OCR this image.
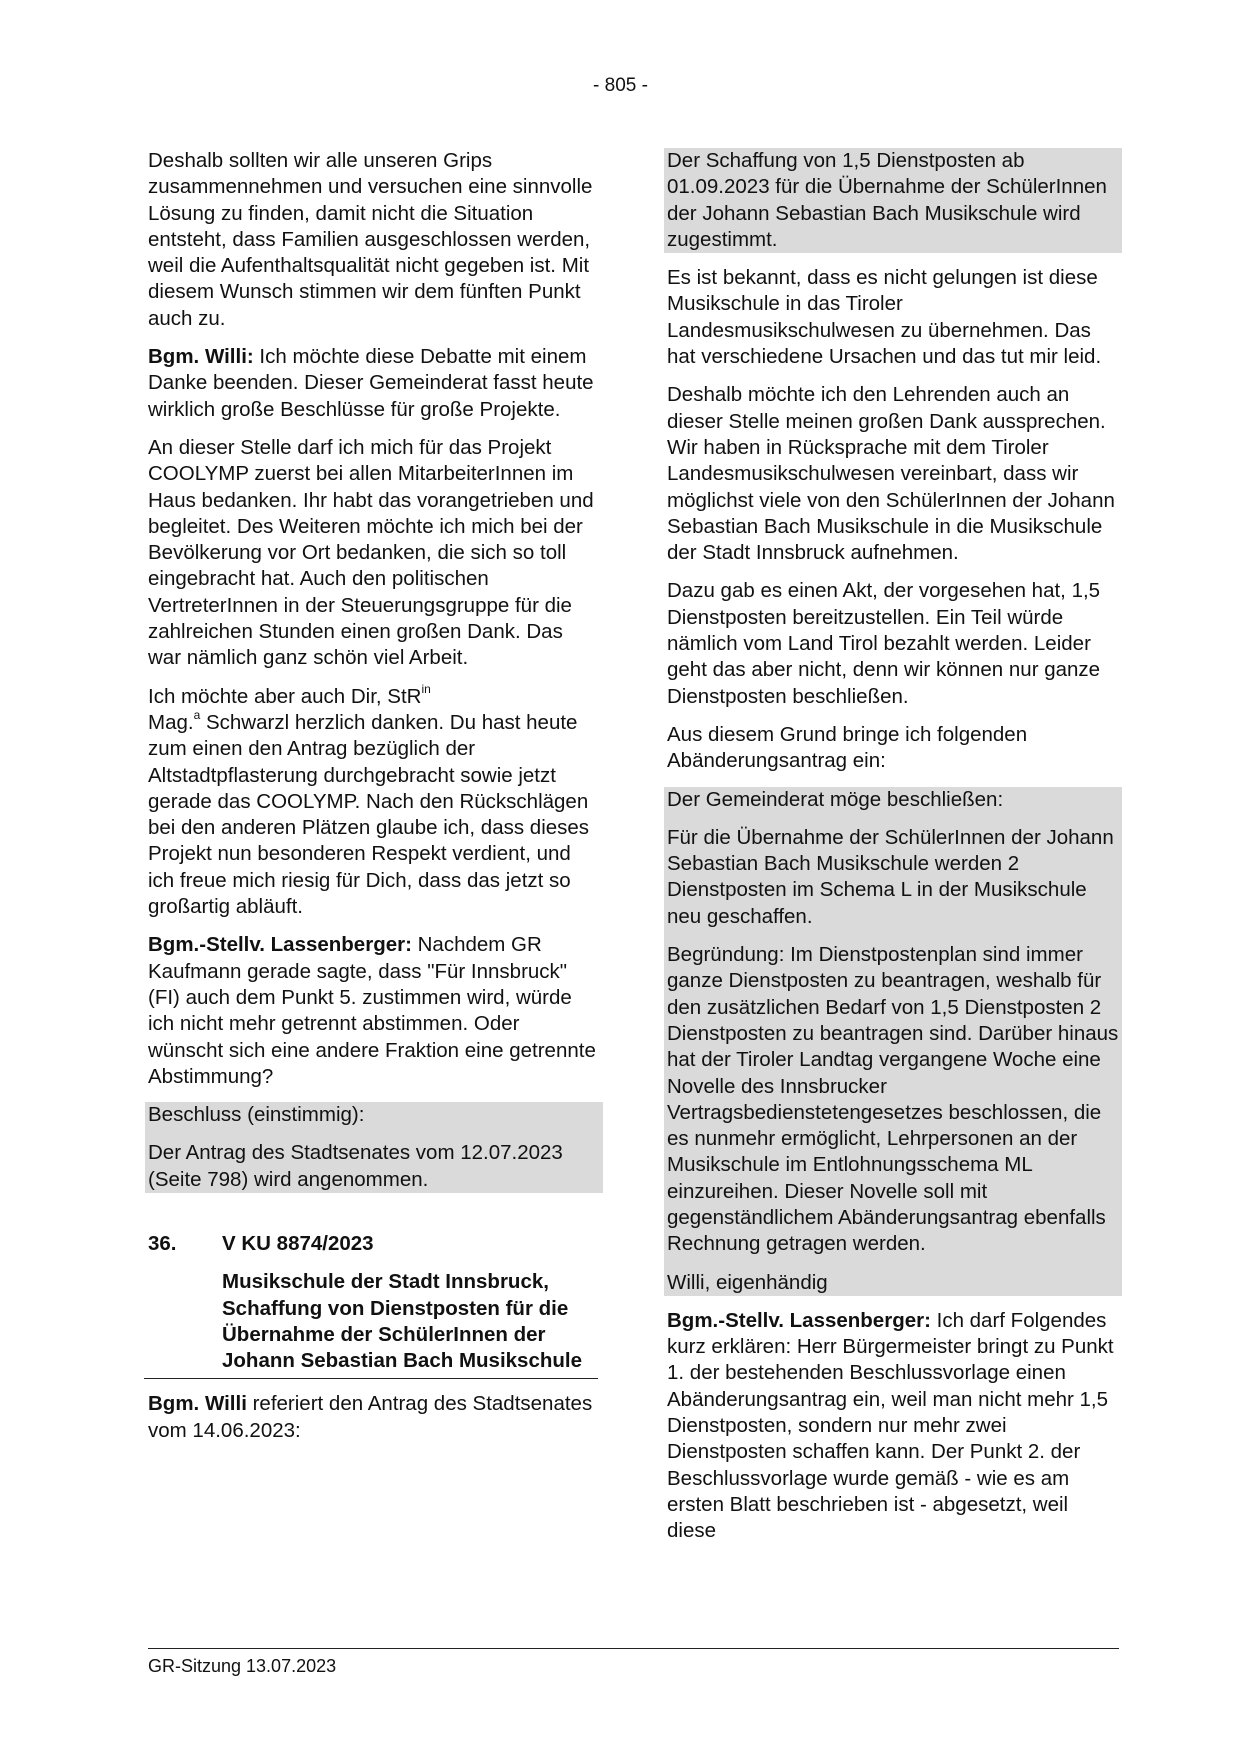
- 805 -

Deshalb sollten wir alle unseren Grips zusammennehmen und versuchen eine sinnvolle Lösung zu finden, damit nicht die Situation entsteht, dass Familien ausgeschlossen werden, weil die Aufenthaltsqualität nicht gegeben ist. Mit diesem Wunsch stimmen wir dem fünften Punkt auch zu.

Bgm. Willi: Ich möchte diese Debatte mit einem Danke beenden. Dieser Gemeinderat fasst heute wirklich große Beschlüsse für große Projekte.

An dieser Stelle darf ich mich für das Projekt COOLYMP zuerst bei allen MitarbeiterInnen im Haus bedanken. Ihr habt das vorangetrieben und begleitet. Des Weiteren möchte ich mich bei der Bevölkerung vor Ort bedanken, die sich so toll eingebracht hat. Auch den politischen VertreterInnen in der Steuerungsgruppe für die zahlreichen Stunden einen großen Dank. Das war nämlich ganz schön viel Arbeit.

Ich möchte aber auch Dir, StR$^{in}$
Mag.$^a$ Schwarzl herzlich danken. Du hast heute zum einen den Antrag bezüglich der Altstadtpflasterung durchgebracht sowie jetzt gerade das COOLYMP. Nach den Rückschlägen bei den anderen Plätzen glaube ich, dass dieses Projekt nun besonderen Respekt verdient, und ich freue mich riesig für Dich, dass das jetzt so großartig abläuft.

Bgm.-Stellv. Lassenberger: Nachdem GR Kaufmann gerade sagte, dass "Für Innsbruck" (FI) auch dem Punkt 5. zustimmen wird, würde ich nicht mehr getrennt abstimmen. Oder wünscht sich eine andere Fraktion eine getrennte Abstimmung?

Beschluss (einstimmig):

Der Antrag des Stadtsenates vom 12.07.2023 (Seite 798) wird angenommen.

36.	V KU 8874/2023
Musikschule der Stadt Innsbruck, Schaffung von Dienstposten für die Übernahme der SchülerInnen der Johann Sebastian Bach Musikschule

Bgm. Willi referiert den Antrag des Stadtsenates vom 14.06.2023:

Der Schaffung von 1,5 Dienstposten ab 01.09.2023 für die Übernahme der SchülerInnen der Johann Sebastian Bach Musikschule wird zugestimmt.

Es ist bekannt, dass es nicht gelungen ist diese Musikschule in das Tiroler Landesmusikschulwesen zu übernehmen. Das hat verschiedene Ursachen und das tut mir leid.

Deshalb möchte ich den Lehrenden auch an dieser Stelle meinen großen Dank aussprechen. Wir haben in Rücksprache mit dem Tiroler Landesmusikschulwesen vereinbart, dass wir möglichst viele von den SchülerInnen der Johann Sebastian Bach Musikschule in die Musikschule der Stadt Innsbruck aufnehmen.

Dazu gab es einen Akt, der vorgesehen hat, 1,5 Dienstposten bereitzustellen. Ein Teil würde nämlich vom Land Tirol bezahlt werden. Leider geht das aber nicht, denn wir können nur ganze Dienstposten beschließen.

Aus diesem Grund bringe ich folgenden Abänderungsantrag ein:

Der Gemeinderat möge beschließen:

Für die Übernahme der SchülerInnen der Johann Sebastian Bach Musikschule werden 2 Dienstposten im Schema L in der Musikschule neu geschaffen.

Begründung: Im Dienstpostenplan sind immer ganze Dienstposten zu beantragen, weshalb für den zusätzlichen Bedarf von 1,5 Dienstposten 2 Dienstposten zu beantragen sind. Darüber hinaus hat der Tiroler Landtag vergangene Woche eine Novelle des Innsbrucker Vertragsbedienstetengesetzes beschlossen, die es nunmehr ermöglicht, Lehrpersonen an der Musikschule im Entlohnungsschema ML einzureihen. Dieser Novelle soll mit gegenständlichem Abänderungsantrag ebenfalls Rechnung getragen werden.

Willi, eigenhändig

Bgm.-Stellv. Lassenberger: Ich darf Folgendes kurz erklären: Herr Bürgermeister bringt zu Punkt 1. der bestehenden Beschlussvorlage einen Abänderungsantrag ein, weil man nicht mehr 1,5 Dienstposten, sondern nur mehr zwei Dienstposten schaffen kann. Der Punkt 2. der Beschlussvorlage wurde gemäß - wie es am ersten Blatt beschrieben ist - abgesetzt, weil diese

GR-Sitzung 13.07.2023
